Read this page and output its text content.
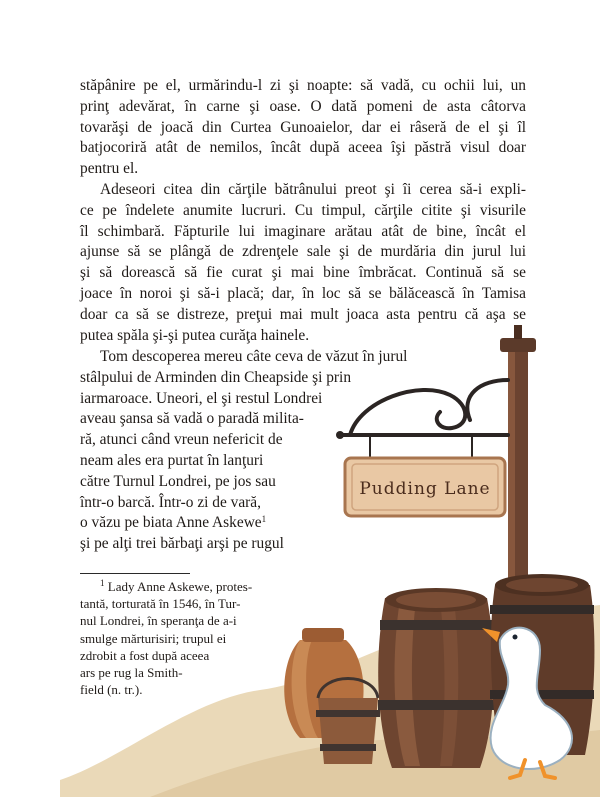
stăpânire pe el, urmărindu-l zi şi noapte: să vadă, cu ochii lui, un
prinţ adevărat, în carne şi oase. O dată pomeni de asta câtorva
tovarăşi de joacă din Curtea Gunoaielor, dar ei râseră de el şi îl
batjocoriră atât de nemilos, încât după aceea îşi păstră visul doar
pentru el.
Adeseori citea din cărţile bătrânului preot şi îi cerea să-i expli-
ce pe îndelete anumite lucruri. Cu timpul, cărţile citite şi visurile
îl schimbară. Făpturile lui imaginare arătau atât de bine, încât el
ajunse să se plângă de zdrenţele sale şi de murdăria din jurul lui
şi să dorească să fie curat şi mai bine îmbrăcat. Continuă să se
joace în noroi şi să-i placă; dar, în loc să se bălăcească în Tamisa
doar ca să se distreze, preţui mai mult joaca asta pentru că aşa se
putea spăla şi-şi putea curăţa hainele.
Tom descoperea mereu câte ceva de văzut în jurul
stâlpului de Arminden din Cheapside şi prin
iarmaroace. Uneori, el şi restul Londrei
aveau şansa să vadă o paradă milita-
ră, atunci când vreun nefericit de
neam ales era purtat în lanţuri
către Turnul Londrei, pe jos sau
într-o barcă. Într-o zi de vară,
o văzu pe biata Anne Askewe$^1$
şi pe alţi trei bărbaţi arşi pe rugul
$^1$ Lady Anne Askewe, protes-
tantă, torturată în 1546, în Tur-
nul Londrei, în speranţa de a-i
smulge mărturisiri; trupul ei
zdrobit a fost după aceea
ars pe rug la Smith-
field (n. tr.).
Pudding Lane
